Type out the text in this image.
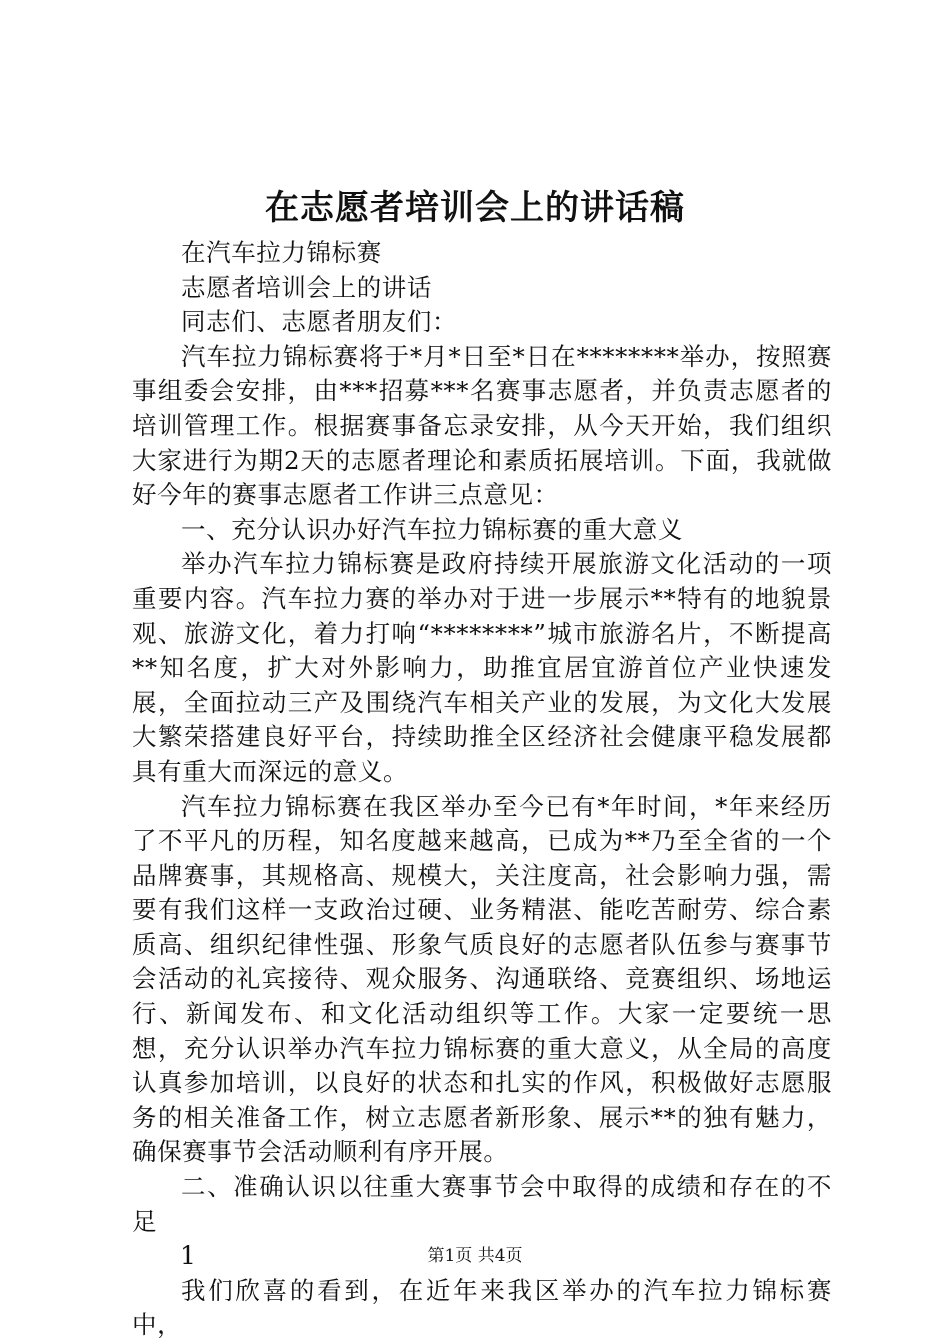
在志愿者培训会上的讲话稿

在汽车拉力锦标赛

志愿者培训会上的讲话

同志们、志愿者朋友们：

汽车拉力锦标赛将于*月*日至*日在********举办，按照赛事组委会安排，由***招募***名赛事志愿者，并负责志愿者的培训管理工作。根据赛事备忘录安排，从今天开始，我们组织大家进行为期2天的志愿者理论和素质拓展培训。下面，我就做好今年的赛事志愿者工作讲三点意见：

一、充分认识办好汽车拉力锦标赛的重大意义

举办汽车拉力锦标赛是政府持续开展旅游文化活动的一项重要内容。汽车拉力赛的举办对于进一步展示**特有的地貌景观、旅游文化，着力打响“********”城市旅游名片，不断提高**知名度，扩大对外影响力，助推宜居宜游首位产业快速发展，全面拉动三产及围绕汽车相关产业的发展，为文化大发展大繁荣搭建良好平台，持续助推全区经济社会健康平稳发展都具有重大而深远的意义。

汽车拉力锦标赛在我区举办至今已有*年时间，*年来经历了不平凡的历程，知名度越来越高，已成为**乃至全省的一个品牌赛事，其规格高、规模大，关注度高，社会影响力强，需要有我们这样一支政治过硬、业务精湛、能吃苦耐劳、综合素质高、组织纪律性强、形象气质良好的志愿者队伍参与赛事节会活动的礼宾接待、观众服务、沟通联络、竞赛组织、场地运行、新闻发布、和文化活动组织等工作。大家一定要统一思想，充分认识举办汽车拉力锦标赛的重大意义，从全局的高度认真参加培训，以良好的状态和扎实的作风，积极做好志愿服务的相关准备工作，树立志愿者新形象、展示**的独有魅力，确保赛事节会活动顺利有序开展。

二、准确认识以往重大赛事节会中取得的成绩和存在的不足

1

我们欣喜的看到，在近年来我区举办的汽车拉力锦标赛中，

第1页 共4页
